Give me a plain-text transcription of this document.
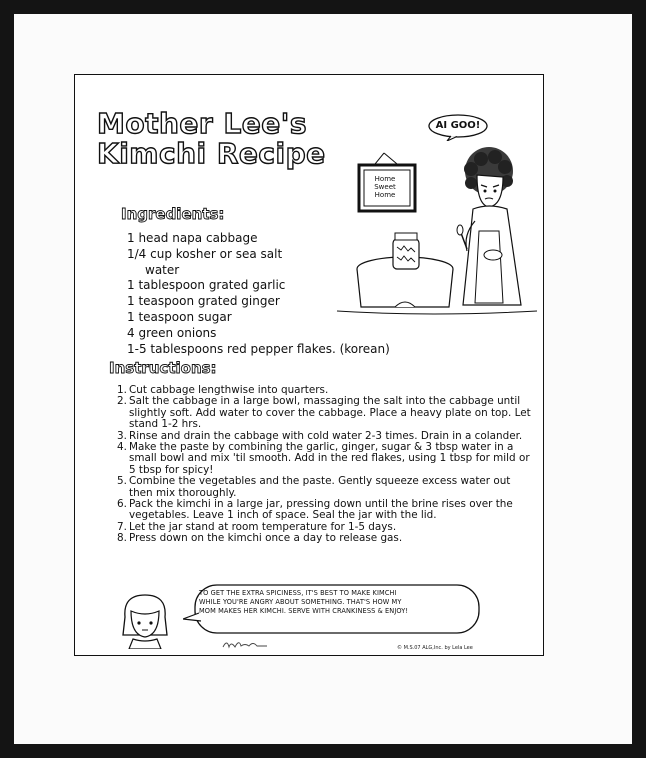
Mother Lee's
Kimchi Recipe
AI GOO!
Home
Sweet
Home
Ingredients:
1 head napa cabbage
1/4 cup kosher or sea salt
water
1 tablespoon grated garlic
1 teaspoon grated ginger
1 teaspoon sugar
4 green onions
1-5 tablespoons red pepper flakes. (korean)
Instructions:
1. Cut cabbage lengthwise into quarters.
2. Salt the cabbage in a large bowl, massaging the salt into the cabbage until slightly soft. Add water to cover the cabbage. Place a heavy plate on top. Let stand 1-2 hrs.
3. Rinse and drain the cabbage with cold water 2-3 times. Drain in a colander.
4. Make the paste by combining the garlic, ginger, sugar & 3 tbsp water in a small bowl and mix 'til smooth. Add in the red flakes, using 1 tbsp for mild or 5 tbsp for spicy!
5. Combine the vegetables and the paste. Gently squeeze excess water out then mix thoroughly.
6. Pack the kimchi in a large jar, pressing down until the brine rises over the vegetables. Leave 1 inch of space. Seal the jar with the lid.
7. Let the jar stand at room temperature for 1-5 days.
8. Press down on the kimchi once a day to release gas.
TO GET THE EXTRA SPICINESS, IT'S BEST TO MAKE KIMCHI
WHILE YOU'RE ANGRY ABOUT SOMETHING. THAT'S HOW MY
MOM MAKES HER KIMCHI. SERVE WITH CRANKINESS & ENJOY!
© M.S.07 ALG,Inc. by Lela Lee
